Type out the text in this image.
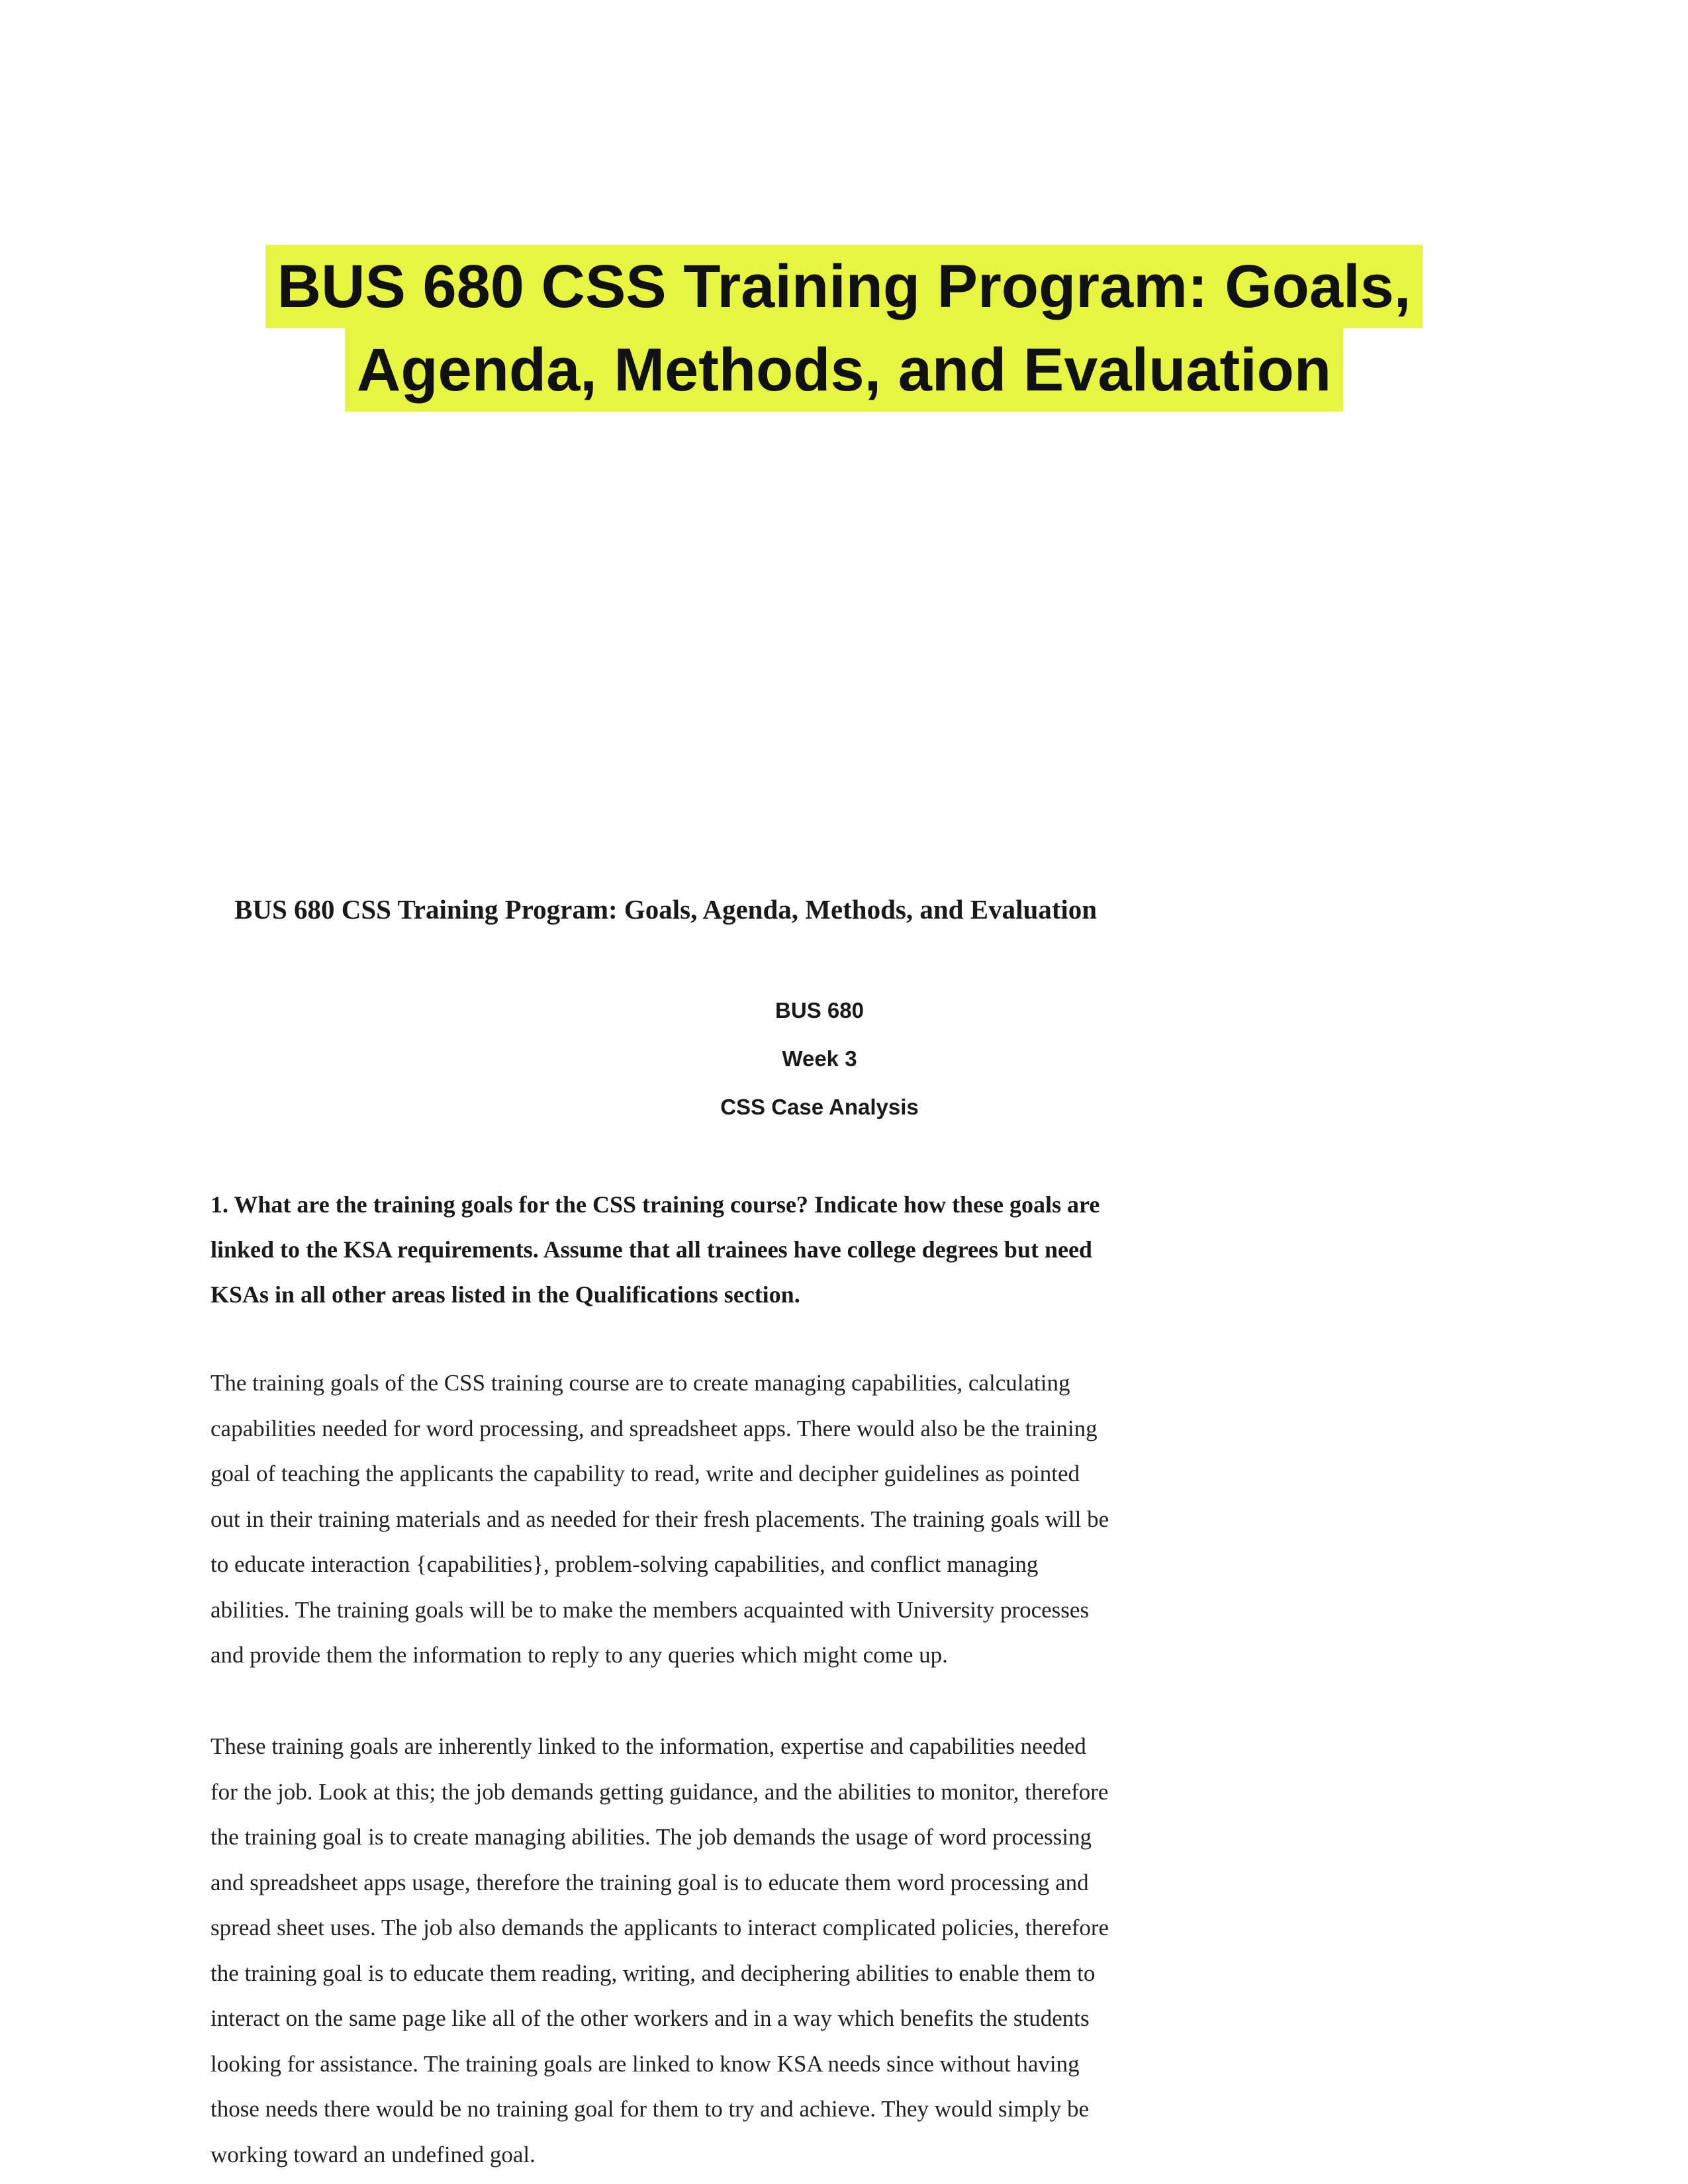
BUS 680 CSS Training Program: Goals,
Agenda, Methods, and Evaluation
BUS 680 CSS Training Program: Goals, Agenda, Methods, and Evaluation
BUS 680
Week 3
CSS Case Analysis
1. What are the training goals for the CSS training course? Indicate how these goals are
linked to the KSA requirements. Assume that all trainees have college degrees but need
KSAs in all other areas listed in the Qualifications section.
The training goals of the CSS training course are to create managing capabilities, calculating
capabilities needed for word processing, and spreadsheet apps. There would also be the training
goal of teaching the applicants the capability to read, write and decipher guidelines as pointed
out in their training materials and as needed for their fresh placements. The training goals will be
to educate interaction {capabilities}, problem-solving capabilities, and conflict managing
abilities. The training goals will be to make the members acquainted with University processes
and provide them the information to reply to any queries which might come up.
These training goals are inherently linked to the information, expertise and capabilities needed
for the job. Look at this; the job demands getting guidance, and the abilities to monitor, therefore
the training goal is to create managing abilities. The job demands the usage of word processing
and spreadsheet apps usage, therefore the training goal is to educate them word processing and
spread sheet uses. The job also demands the applicants to interact complicated policies, therefore
the training goal is to educate them reading, writing, and deciphering abilities to enable them to
interact on the same page like all of the other workers and in a way which benefits the students
looking for assistance. The training goals are linked to know KSA needs since without having
those needs there would be no training goal for them to try and achieve. They would simply be
working toward an undefined goal.
